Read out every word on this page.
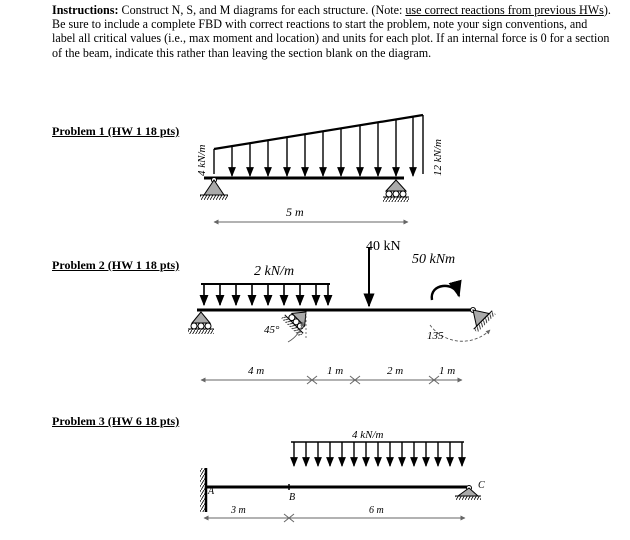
Instructions: Construct N, S, and M diagrams for each structure. (Note: use correct reactions from previous HWs). Be sure to include a complete FBD with correct reactions to start the problem, note your sign conventions, and label all critical values (i.e., max moment and location) and units for each plot. If an internal force is 0 for a section of the beam, indicate this rather than leaving the section blank on the diagram.
Problem 1 (HW 1 18 pts)
Problem 2 (HW 1 18 pts)
Problem 3 (HW 6 18 pts)
5 m
4 kN/m	12 kN/m
2 kN/m
40 kN
50 kNm
45°	135
4 m	1 m	2 m	1 m
4 kN/m
A
B
C
3 m	6 m
